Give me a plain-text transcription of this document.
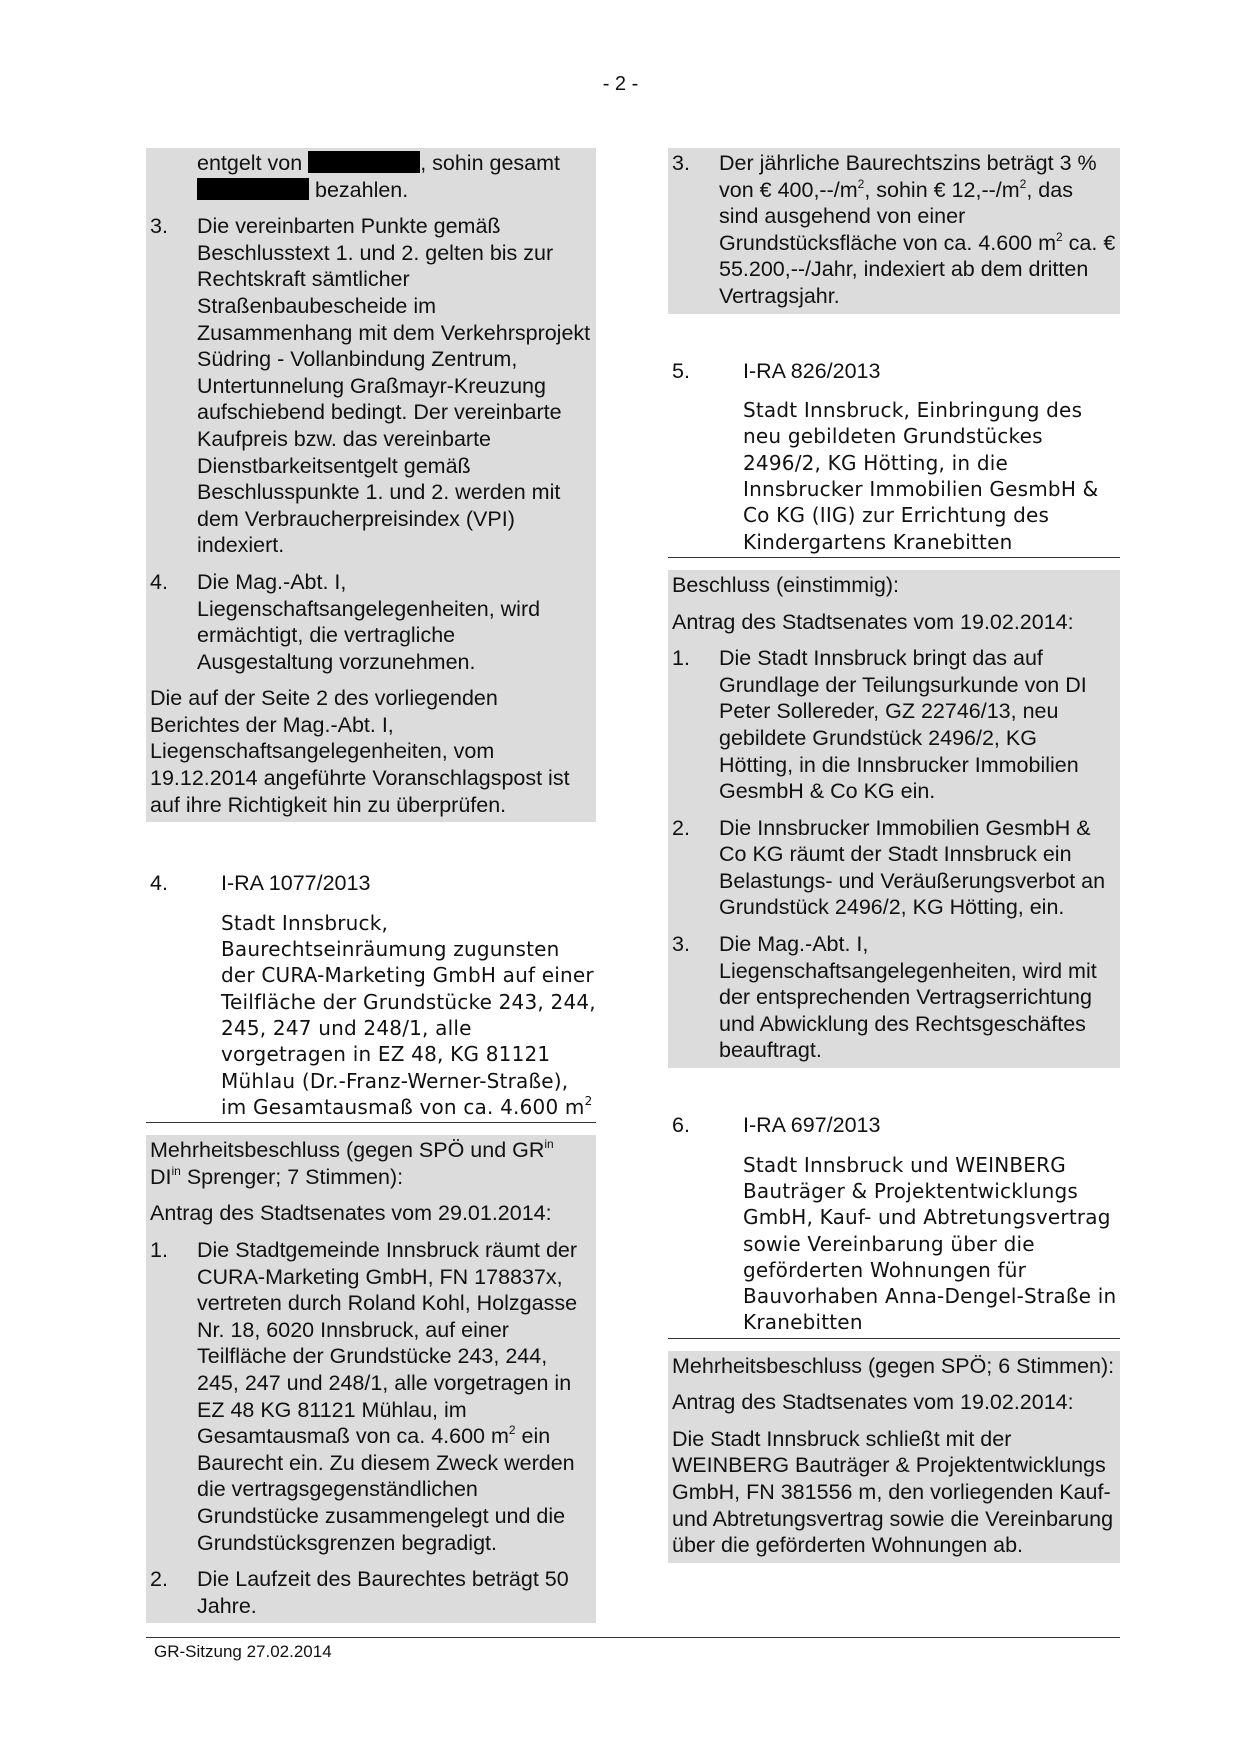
- 2 -
entgelt von	, sohin gesamt
bezahlen.
3. Die vereinbarten Punkte gemäß Beschlusstext 1. und 2. gelten bis zur Rechtskraft sämtlicher Straßenbaubescheide im Zusammenhang mit dem Verkehrsprojekt Südring - Vollanbindung Zentrum, Untertunnelung Graßmayr-Kreuzung aufschiebend bedingt. Der vereinbarte Kaufpreis bzw. das vereinbarte Dienstbarkeitsentgelt gemäß Beschlusspunkte 1. und 2. werden mit dem Verbraucherpreisindex (VPI) indexiert.
4. Die Mag.-Abt. I, Liegenschaftsangelegenheiten, wird ermächtigt, die vertragliche Ausgestaltung vorzunehmen.
Die auf der Seite 2 des vorliegenden Berichtes der Mag.-Abt. I, Liegenschaftsangelegenheiten, vom 19.12.2014 angeführte Voranschlagspost ist auf ihre Richtigkeit hin zu überprüfen.
4. I-RA 1077/2013
Stadt Innsbruck, Baurechtseinräumung zugunsten der CURA-Marketing GmbH auf einer Teilfläche der Grundstücke 243, 244, 245, 247 und 248/1, alle vorgetragen in EZ 48, KG 81121 Mühlau (Dr.-Franz-Werner-Straße), im Gesamtausmaß von ca. 4.600 $m^2$
Mehrheitsbeschluss (gegen SPÖ und $GR^{in}$
$DI^{in}$ Sprenger; 7 Stimmen):
Antrag des Stadtsenates vom 29.01.2014:
1. Die Stadtgemeinde Innsbruck räumt der CURA-Marketing GmbH, FN 178837x, vertreten durch Roland Kohl, Holzgasse Nr. 18, 6020 Innsbruck, auf einer Teilfläche der Grundstücke 243, 244, 245, 247 und 248/1, alle vorgetragen in EZ 48 KG 81121 Mühlau, im Gesamtausmaß von ca. 4.600 $m^2$ ein Baurecht ein. Zu diesem Zweck werden die vertragsgegenständlichen Grundstücke zusammengelegt und die Grundstücksgrenzen begradigt.
2. Die Laufzeit des Baurechtes beträgt 50 Jahre.
3. Der jährliche Baurechtszins beträgt 3 % von € $400,--/m^2$, sohin € $12,--/m^2$, das sind ausgehend von einer Grundstücksfläche von ca. 4.600 $m^2$ ca. € 55.200,--/Jahr, indexiert ab dem dritten Vertragsjahr.
5. I-RA 826/2013
Stadt Innsbruck, Einbringung des neu gebildeten Grundstückes 2496/2, KG Hötting, in die Innsbrucker Immobilien GesmbH & Co KG (IIG) zur Errichtung des Kindergartens Kranebitten
Beschluss (einstimmig):
Antrag des Stadtsenates vom 19.02.2014:
1. Die Stadt Innsbruck bringt das auf Grundlage der Teilungsurkunde von DI Peter Sollereder, GZ 22746/13, neu gebildete Grundstück 2496/2, KG Hötting, in die Innsbrucker Immobilien GesmbH & Co KG ein.
2. Die Innsbrucker Immobilien GesmbH & Co KG räumt der Stadt Innsbruck ein Belastungs- und Veräußerungsverbot an Grundstück 2496/2, KG Hötting, ein.
3. Die Mag.-Abt. I, Liegenschaftsangelegenheiten, wird mit der entsprechenden Vertragserrichtung und Abwicklung des Rechtsgeschäftes beauftragt.
6. I-RA 697/2013
Stadt Innsbruck und WEINBERG Bauträger & Projektentwicklungs GmbH, Kauf- und Abtretungsvertrag sowie Vereinbarung über die geförderten Wohnungen für Bauvorhaben Anna-Dengel-Straße in Kranebitten
Mehrheitsbeschluss (gegen SPÖ; 6 Stimmen):
Antrag des Stadtsenates vom 19.02.2014:
Die Stadt Innsbruck schließt mit der WEINBERG Bauträger & Projektentwicklungs GmbH, FN 381556 m, den vorliegenden Kauf- und Abtretungsvertrag sowie die Vereinbarung über die geförderten Wohnungen ab.
GR-Sitzung 27.02.2014
